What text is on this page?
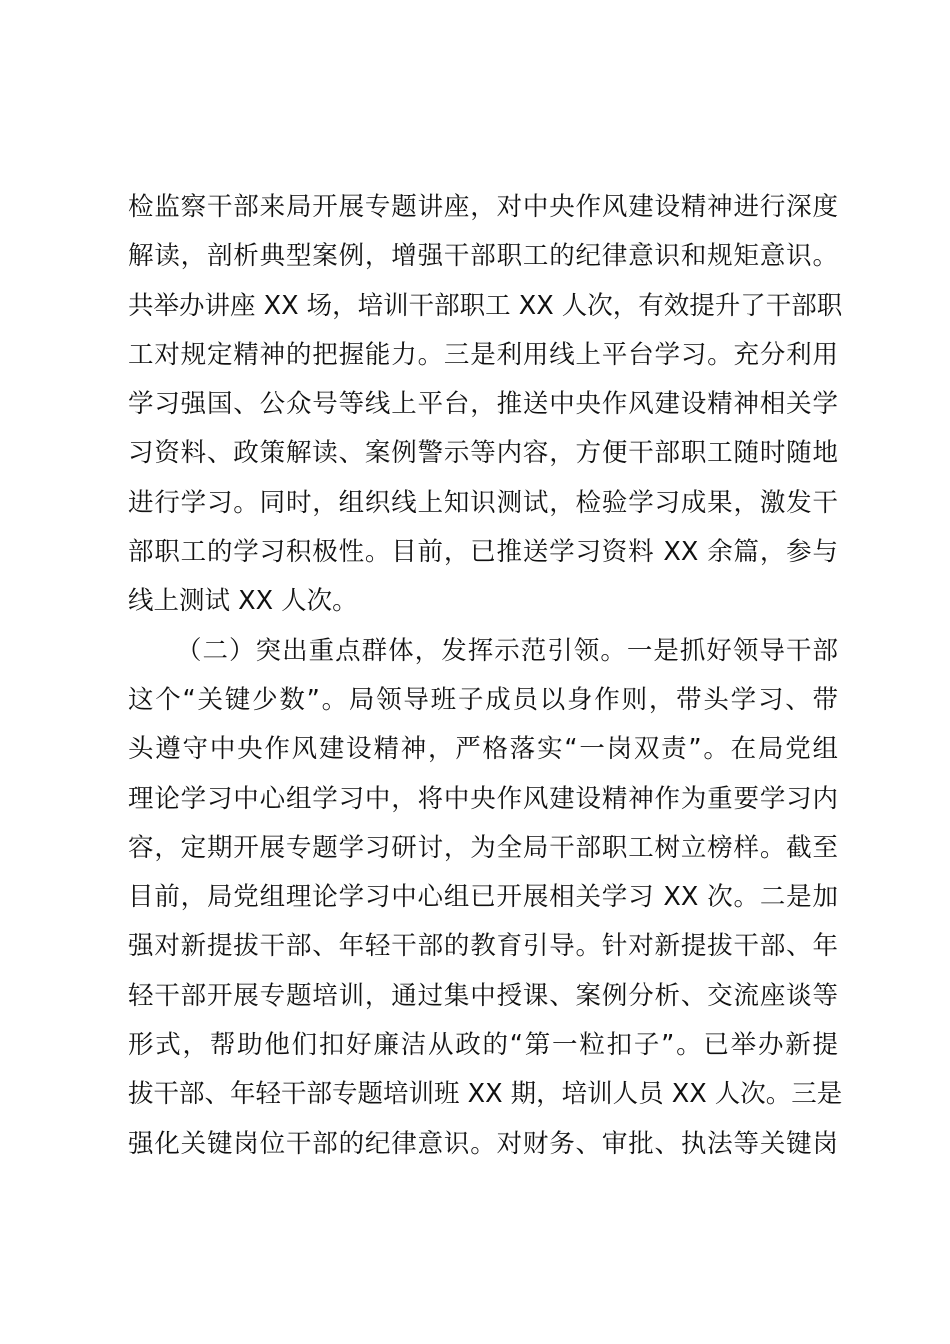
检监察干部来局开展专题讲座，对中央作风建设精神进行深度
解读，剖析典型案例，增强干部职工的纪律意识和规矩意识。
共举办讲座 XX 场，培训干部职工 XX 人次，有效提升了干部职
工对规定精神的把握能力。三是利用线上平台学习。充分利用
学习强国、公众号等线上平台，推送中央作风建设精神相关学
习资料、政策解读、案例警示等内容，方便干部职工随时随地
进行学习。同时，组织线上知识测试，检验学习成果，激发干
部职工的学习积极性。目前，已推送学习资料 XX 余篇，参与
线上测试 XX 人次。
（二）突出重点群体，发挥示范引领。一是抓好领导干部
这个“关键少数”。局领导班子成员以身作则，带头学习、带
头遵守中央作风建设精神，严格落实“一岗双责”。在局党组
理论学习中心组学习中，将中央作风建设精神作为重要学习内
容，定期开展专题学习研讨，为全局干部职工树立榜样。截至
目前，局党组理论学习中心组已开展相关学习 XX 次。二是加
强对新提拔干部、年轻干部的教育引导。针对新提拔干部、年
轻干部开展专题培训，通过集中授课、案例分析、交流座谈等
形式，帮助他们扣好廉洁从政的“第一粒扣子”。已举办新提
拔干部、年轻干部专题培训班 XX 期，培训人员 XX 人次。三是
强化关键岗位干部的纪律意识。对财务、审批、执法等关键岗
